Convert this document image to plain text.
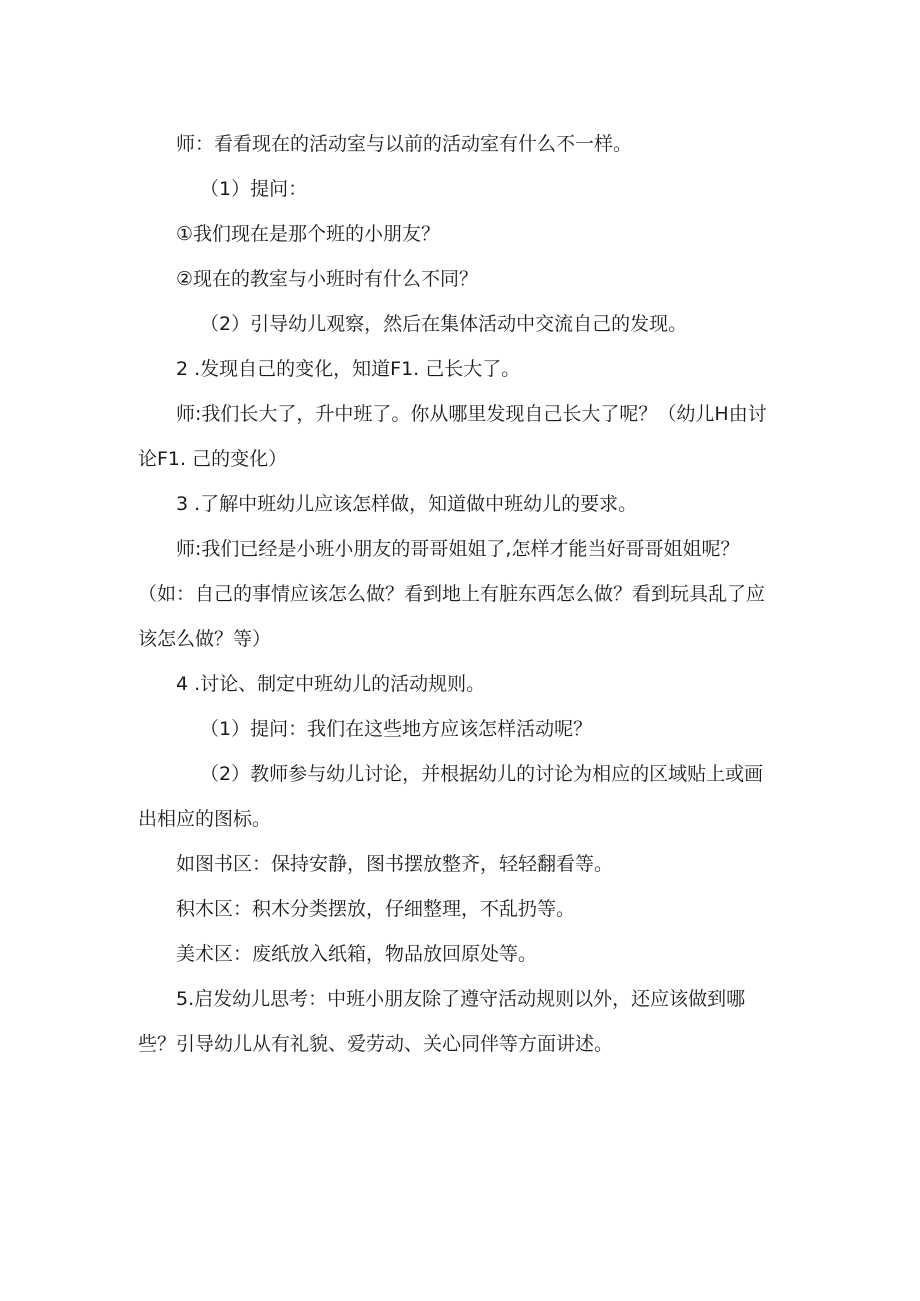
师：看看现在的活动室与以前的活动室有什么不一样。

（1）提问：

①我们现在是那个班的小朋友？

②现在的教室与小班时有什么不同？

（2）引导幼儿观察，然后在集体活动中交流自己的发现。

2 .发现自己的变化，知道F1. 己长大了。

师:我们长大了，升中班了。你从哪里发现自己长大了呢？（幼儿H由讨论F1. 己的变化）

3 .了解中班幼儿应该怎样做，知道做中班幼儿的要求。

师:我们已经是小班小朋友的哥哥姐姐了,怎样才能当好哥哥姐姐呢？（如：自己的事情应该怎么做？看到地上有脏东西怎么做？看到玩具乱了应该怎么做？等）

4 .讨论、制定中班幼儿的活动规则。

（1）提问：我们在这些地方应该怎样活动呢？

（2）教师参与幼儿讨论，并根据幼儿的讨论为相应的区域贴上或画出相应的图标。

如图书区：保持安静，图书摆放整齐，轻轻翻看等。

积木区：积木分类摆放，仔细整理，不乱扔等。

美术区：废纸放入纸箱，物品放回原处等。

5.启发幼儿思考：中班小朋友除了遵守活动规则以外，还应该做到哪些？引导幼儿从有礼貌、爱劳动、关心同伴等方面讲述。
